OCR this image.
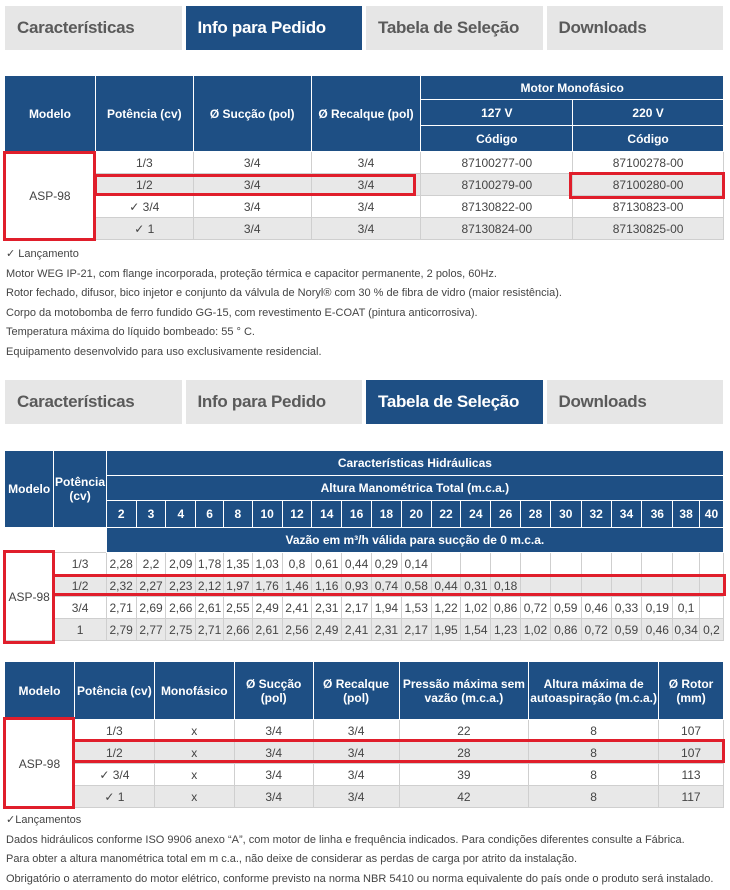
Características	Info para Pedido	Tabela de Seleção	Downloads
Modelo	Potência (cv)	Ø Sucção (pol)	Ø Recalque (pol)	Motor Monofásico	
				127 V	220 V
				Código	Código
ASP-98	1/3	3/4	3/4	87100277-00	87100278-00
	1/2	3/4	3/4	87100279-00	87100280-00
	✓ 3/4	3/4	3/4	87130822-00	87130823-00
	✓ 1	3/4	3/4	87130824-00	87130825-00
✓ Lançamento
Motor WEG IP-21, com flange incorporada, proteção térmica e capacitor permanente, 2 polos, 60Hz.
Rotor fechado, difusor, bico injetor e conjunto da válvula de Noryl® com 30 % de fibra de vidro (maior resistência).
Corpo da motobomba de ferro fundido GG-15, com revestimento E-COAT (pintura anticorrosiva).
Temperatura máxima do líquido bombeado: 55 ° C.
Equipamento desenvolvido para uso exclusivamente residencial.
Características	Info para Pedido	Tabela de Seleção	Downloads
Modelo	Potência (cv)	Características Hidráulicas																				
		Altura Manométrica Total (m.c.a.)																				
		2	3	4	6	8	10	12	14	16	18	20	22	24	26	28	30	32	34	36	38	40
		Vazão em m³/h válida para sucção de 0 m.c.a.																				
ASP-98	1/3	2,28	2,2	2,09	1,78	1,35	1,03	0,8	0,61	0,44	0,29	0,14										
	1/2	2,32	2,27	2,23	2,12	1,97	1,76	1,46	1,16	0,93	0,74	0,58	0,44	0,31	0,18							
	3/4	2,71	2,69	2,66	2,61	2,55	2,49	2,41	2,31	2,17	1,94	1,53	1,22	1,02	0,86	0,72	0,59	0,46	0,33	0,19	0,1	
	1	2,79	2,77	2,75	2,71	2,66	2,61	2,56	2,49	2,41	2,31	2,17	1,95	1,54	1,23	1,02	0,86	0,72	0,59	0,46	0,34	0,2
Modelo	Potência (cv)	Monofásico	Ø Sucção (pol)	Ø Recalque (pol)	Pressão máxima sem vazão (m.c.a.)	Altura máxima de autoaspiração (m.c.a.)	Ø Rotor (mm)
ASP-98	1/3	x	3/4	3/4	22	8	107
	1/2	x	3/4	3/4	28	8	107
	✓ 3/4	x	3/4	3/4	39	8	113
	✓ 1	x	3/4	3/4	42	8	117
✓Lançamentos
Dados hidráulicos conforme ISO 9906 anexo “A”, com motor de linha e frequência indicados. Para condições diferentes consulte a Fábrica.
Para obter a altura manométrica total em m c.a., não deixe de considerar as perdas de carga por atrito da instalação.
Obrigatório o aterramento do motor elétrico, conforme previsto na norma NBR 5410 ou norma equivalente do país onde o produto será instalado.
